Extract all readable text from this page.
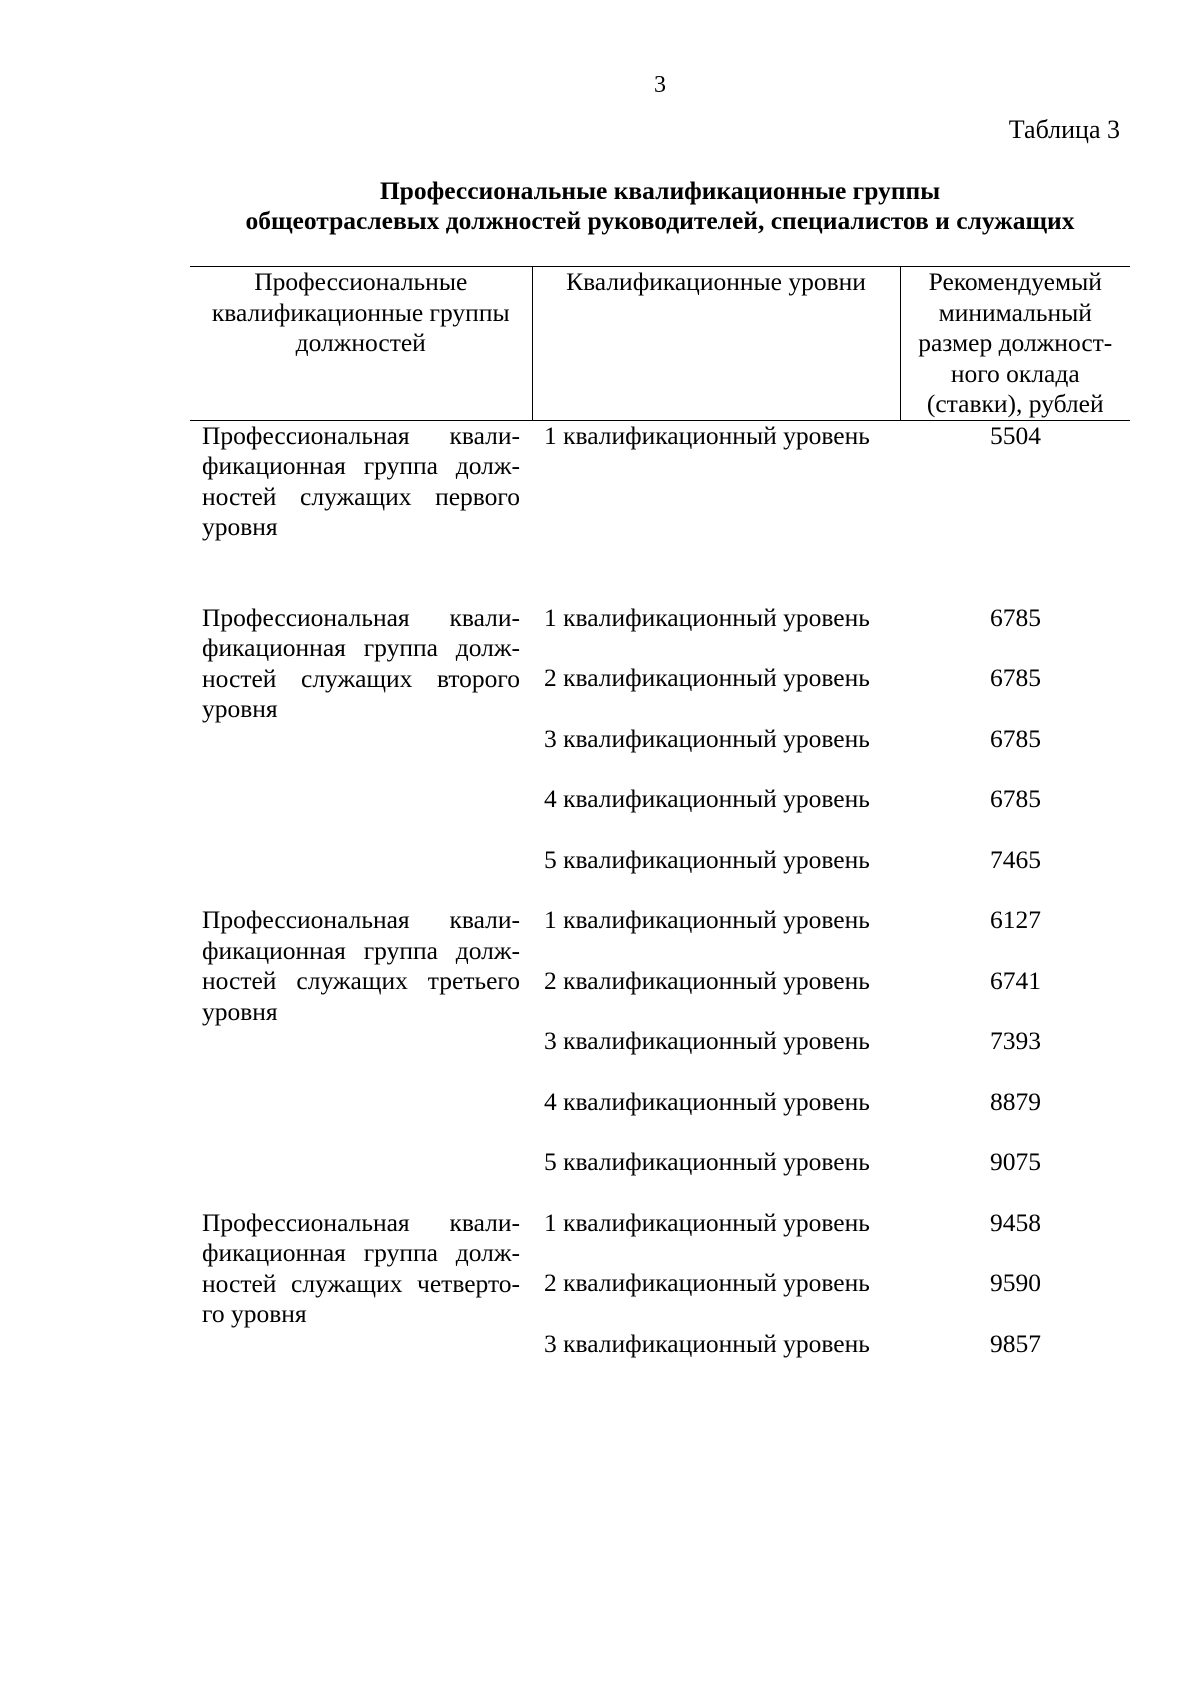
3
Таблица 3
Профессиональные квалификационные группы
общеотраслевых должностей руководителей, специалистов и служащих
Профессиональные квалификационные группы должностей	Квалификационные уровни	Рекомендуемый минимальный размер должност-ного оклада (ставки), рублей
Профессиональная квали-фикационная группа долж-ностей служащих первого уровня	1 квалификационный уровень	5504

Профессиональная квали-фикационная группа долж-ностей служащих второго уровня	1 квалификационный уровень	6785
	2 квалификационный уровень	6785
	3 квалификационный уровень	6785
	4 квалификационный уровень	6785
	5 квалификационный уровень	7465
Профессиональная квали-фикационная группа долж-ностей служащих третьего уровня	1 квалификационный уровень	6127
	2 квалификационный уровень	6741
	3 квалификационный уровень	7393
	4 квалификационный уровень	8879
	5 квалификационный уровень	9075
Профессиональная квали-фикационная группа долж-ностей служащих четверто-го уровня	1 квалификационный уровень	9458
	2 квалификационный уровень	9590
	3 квалификационный уровень	9857
